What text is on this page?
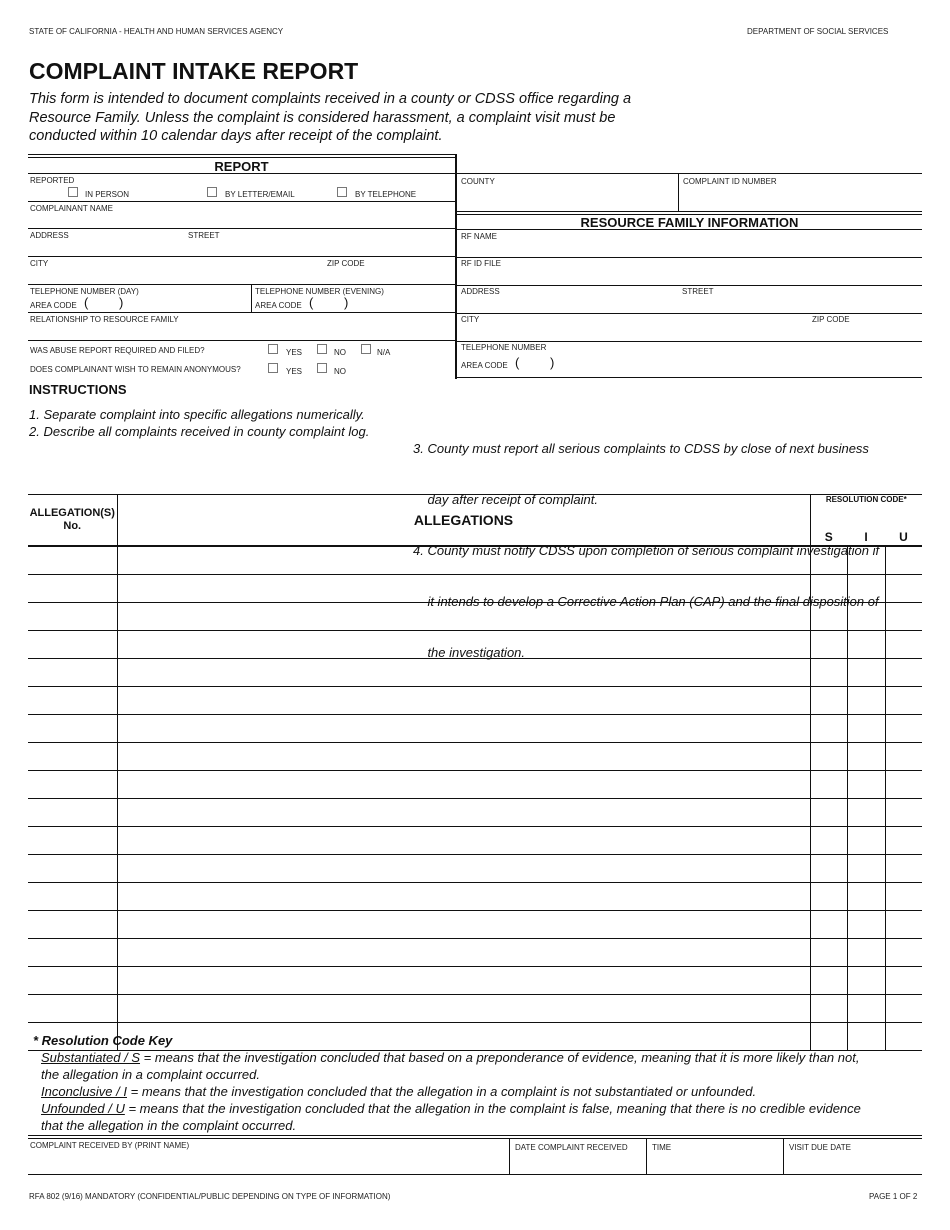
STATE OF CALIFORNIA - HEALTH AND HUMAN SERVICES AGENCY	DEPARTMENT OF SOCIAL SERVICES
COMPLAINT INTAKE REPORT
This form is intended to document complaints received in a county or CDSS office regarding a
Resource Family. Unless the complaint is considered harassment, a complaint visit must be
conducted within 10 calendar days after receipt of the complaint.
REPORT
REPORTED
IN PERSON	BY LETTER/EMAIL	BY TELEPHONE
COMPLAINANT NAME
ADDRESS	STREET
CITY	ZIP CODE
TELEPHONE NUMBER (DAY)
AREA CODE ( )
TELEPHONE NUMBER (EVENING)
AREA CODE ( )
RELATIONSHIP TO RESOURCE FAMILY
WAS ABUSE REPORT REQUIRED AND FILED?	YES	NO	N/A
DOES COMPLAINANT WISH TO REMAIN ANONYMOUS?	YES	NO
COUNTY	COMPLAINT ID NUMBER
RESOURCE FAMILY INFORMATION
RF NAME
RF ID FILE
ADDRESS	STREET
CITY	ZIP CODE
TELEPHONE NUMBER
AREA CODE ( )
INSTRUCTIONS
1. Separate complaint into specific allegations numerically.
2. Describe all complaints received in county complaint log.

3. County must report all serious complaints to CDSS by close of next business

day after receipt of complaint.

4. County must notify CDSS upon completion of serious complaint investigation if

it intends to develop a Corrective Action Plan (CAP) and the final disposition of

the investigation.

ALLEGATION(S)
No.	ALLEGATIONS	RESOLUTION CODE*		
		S	I	U

* Resolution Code Key
Substantiated / S = means that the investigation concluded that based on a preponderance of evidence, meaning that it is more likely than not,
the allegation in a complaint occurred.
Inconclusive / I = means that the investigation concluded that the allegation in a complaint is not substantiated or unfounded.
Unfounded / U = means that the investigation concluded that the allegation in the complaint is false, meaning that there is no credible evidence
that the allegation in the complaint occurred.
COMPLAINT RECEIVED BY (PRINT NAME)	DATE COMPLAINT RECEIVED	TIME	VISIT DUE DATE
RFA 802 (9/16) MANDATORY (CONFIDENTIAL/PUBLIC DEPENDING ON TYPE OF INFORMATION)	PAGE 1 OF 2
